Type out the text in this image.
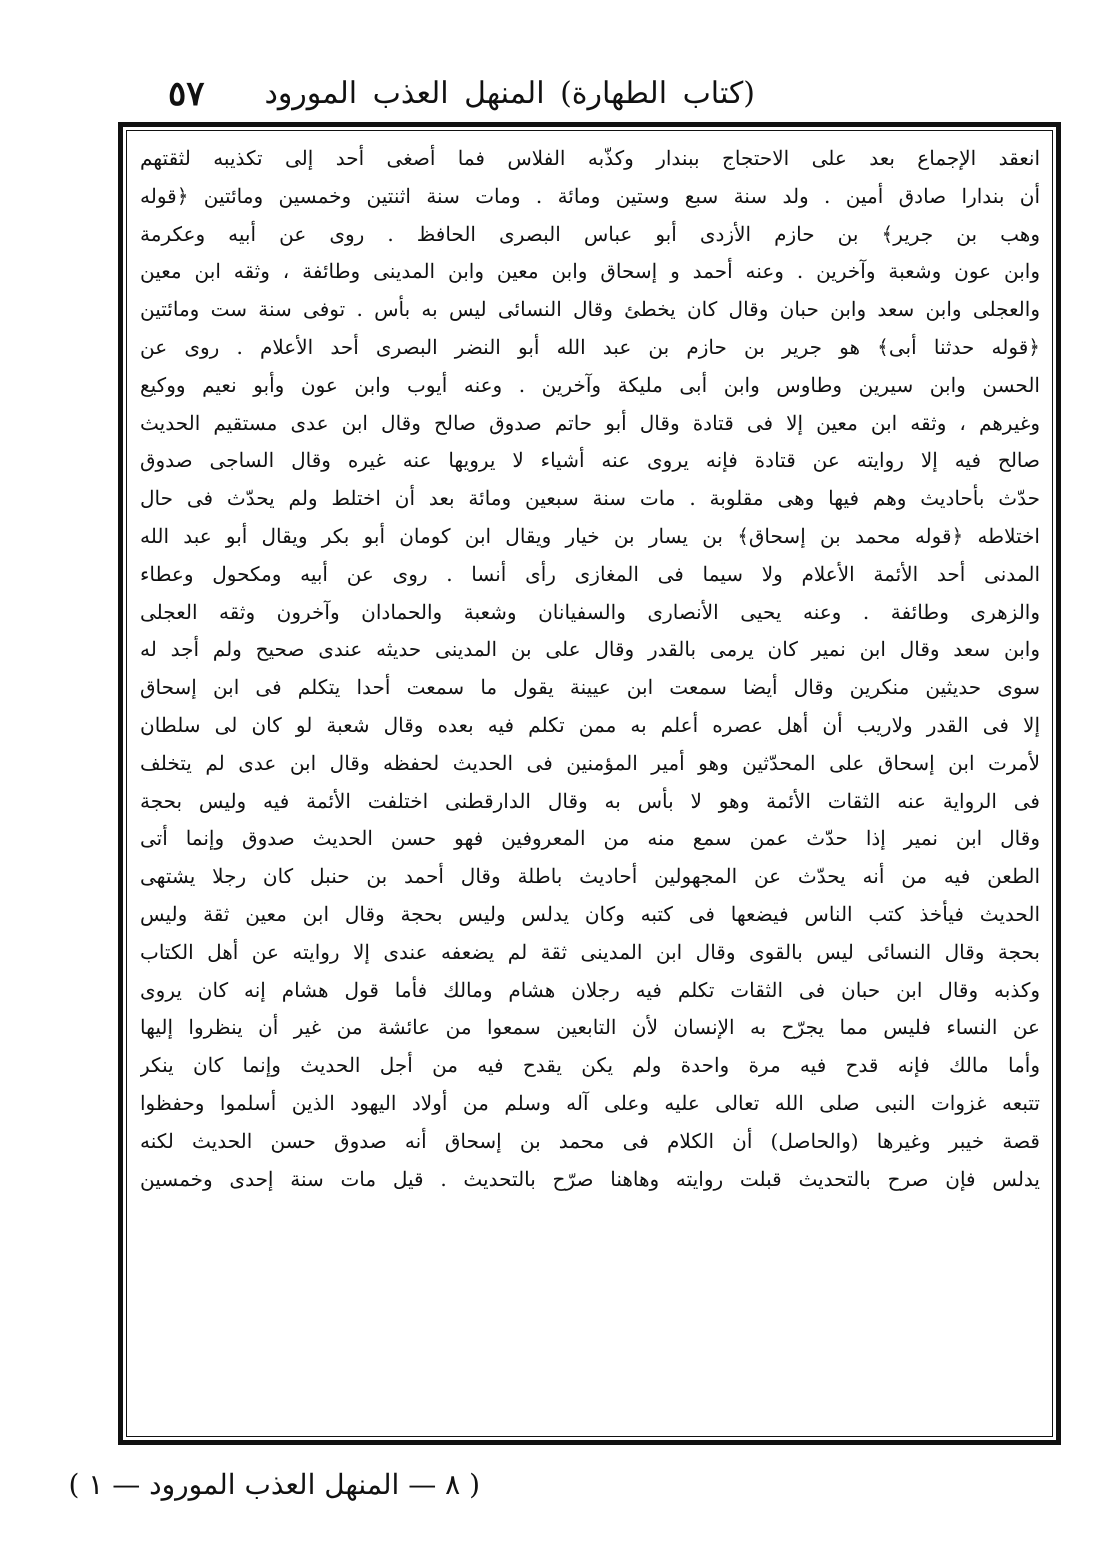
(كتاب الطهارة) المنهل العذب المورود
٥٧
انعقد الإجماع بعد على الاحتجاج ببندار وكذّبه الفلاس فما أصغى أحد إلى تكذيبه لثقتهم
أن بندارا صادق أمين . ولد سنة سبع وستين ومائة . ومات سنة اثنتين وخمسين ومائتين ﴿قوله
وهب بن جرير﴾ بن حازم الأزدى أبو عباس البصرى الحافظ . روى عن أبيه وعكرمة
وابن عون وشعبة وآخرين . وعنه أحمد و إسحاق وابن معين وابن المدينى وطائفة ، وثقه ابن معين
والعجلى وابن سعد وابن حبان وقال كان يخطئ وقال النسائى ليس به بأس . توفى سنة ست ومائتين
﴿قوله حدثنا أبى﴾ هو جرير بن حازم بن عبد الله أبو النضر البصرى أحد الأعلام . روى عن
الحسن وابن سيرين وطاوس وابن أبى مليكة وآخرين . وعنه أيوب وابن عون وأبو نعيم ووكيع
وغيرهم ، وثقه ابن معين إلا فى قتادة وقال أبو حاتم صدوق صالح وقال ابن عدى مستقيم الحديث
صالح فيه إلا روايته عن قتادة فإنه يروى عنه أشياء لا يرويها عنه غيره وقال الساجى صدوق
حدّث بأحاديث وهم فيها وهى مقلوبة . مات سنة سبعين ومائة بعد أن اختلط ولم يحدّث فى حال
اختلاطه ﴿قوله محمد بن إسحاق﴾ بن يسار بن خيار ويقال ابن كومان أبو بكر ويقال أبو عبد الله
المدنى أحد الأئمة الأعلام ولا سيما فى المغازى رأى أنسا . روى عن أبيه ومكحول وعطاء
والزهرى وطائفة . وعنه يحيى الأنصارى والسفيانان وشعبة والحمادان وآخرون وثقه العجلى
وابن سعد وقال ابن نمير كان يرمى بالقدر وقال على بن المدينى حديثه عندى صحيح ولم أجد له
سوى حديثين منكرين وقال أيضا سمعت ابن عيينة يقول ما سمعت أحدا يتكلم فى ابن إسحاق
إلا فى القدر ولاريب أن أهل عصره أعلم به ممن تكلم فيه بعده وقال شعبة لو كان لى سلطان
لأمرت ابن إسحاق على المحدّثين وهو أمير المؤمنين فى الحديث لحفظه وقال ابن عدى لم يتخلف
فى الرواية عنه الثقات الأئمة وهو لا بأس به وقال الدارقطنى اختلفت الأئمة فيه وليس بحجة
وقال ابن نمير إذا حدّث عمن سمع منه من المعروفين فهو حسن الحديث صدوق وإنما أتى
الطعن فيه من أنه يحدّث عن المجهولين أحاديث باطلة وقال أحمد بن حنبل كان رجلا يشتهى
الحديث فيأخذ كتب الناس فيضعها فى كتبه وكان يدلس وليس بحجة وقال ابن معين ثقة وليس
بحجة وقال النسائى ليس بالقوى وقال ابن المدينى ثقة لم يضعفه عندى إلا روايته عن أهل الكتاب
وكذبه وقال ابن حبان فى الثقات تكلم فيه رجلان هشام ومالك فأما قول هشام إنه كان يروى
عن النساء فليس مما يجرّح به الإنسان لأن التابعين سمعوا من عائشة من غير أن ينظروا إليها
وأما مالك فإنه قدح فيه مرة واحدة ولم يكن يقدح فيه من أجل الحديث وإنما كان ينكر
تتبعه غزوات النبى صلى الله تعالى عليه وعلى آله وسلم من أولاد اليهود الذين أسلموا وحفظوا
قصة خيبر وغيرها (والحاصل) أن الكلام فى محمد بن إسحاق أنه صدوق حسن الحديث لكنه
يدلس فإن صرح بالتحديث قبلت روايته وهاهنا صرّح بالتحديث . قيل مات سنة إحدى وخمسين
( ٨ — المنهل العذب المورود — ١ )
